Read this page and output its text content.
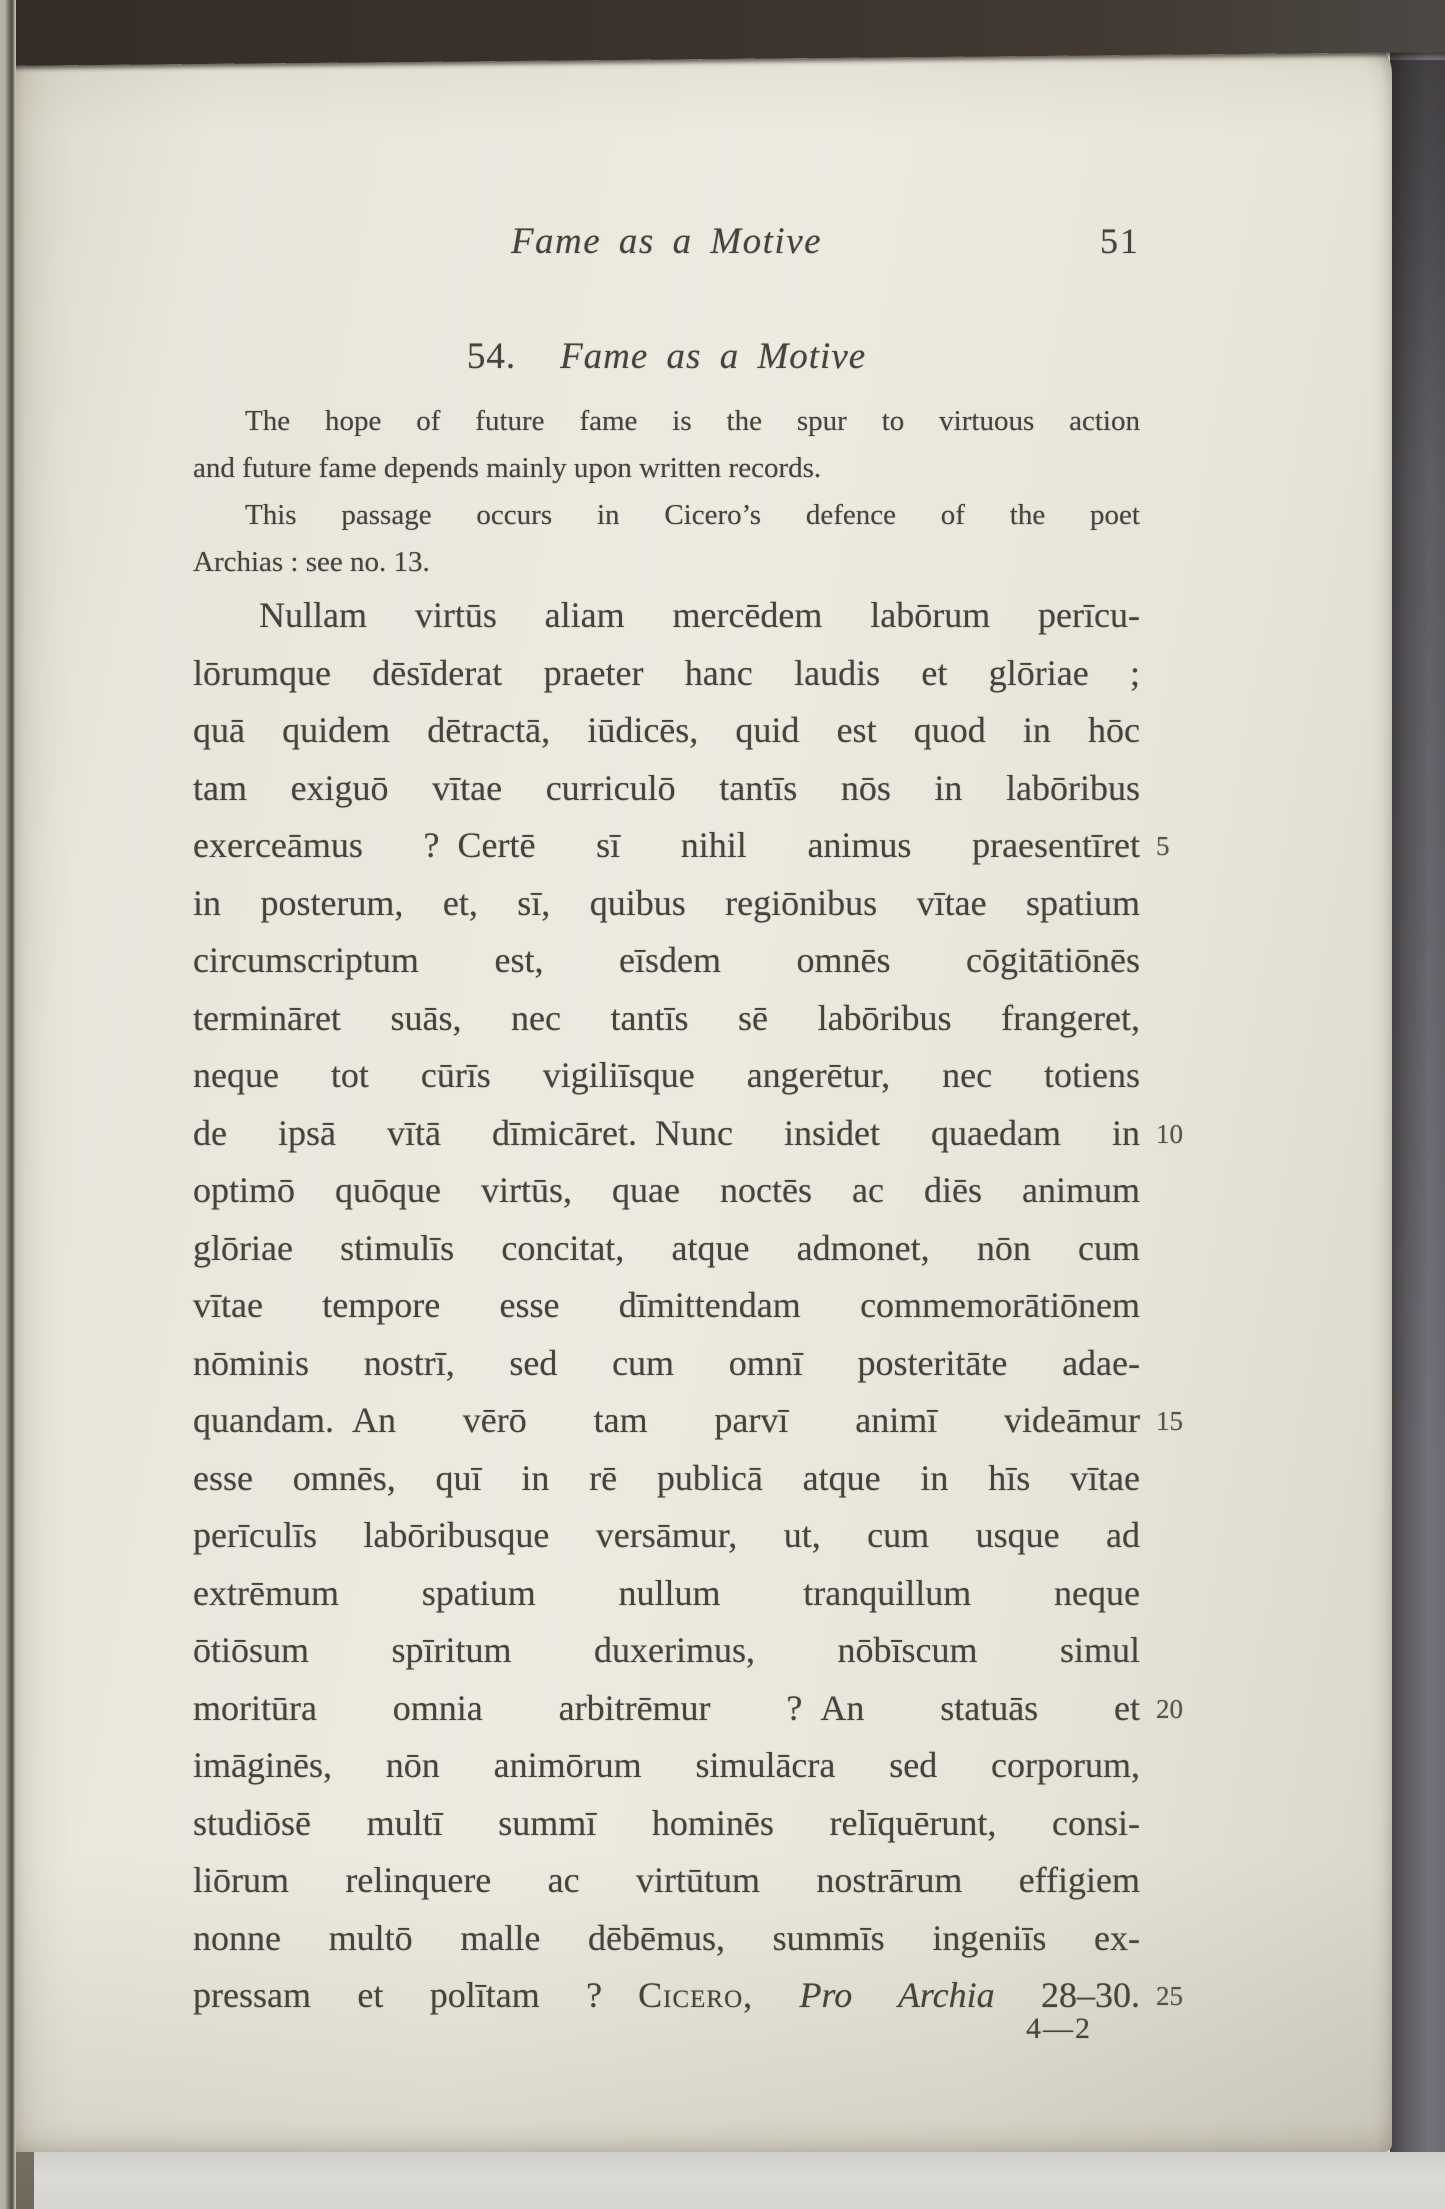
Fame as a Motive	51
54. Fame as a Motive
The hope of future fame is the spur to virtuous action
and future fame depends mainly upon written records.
This passage occurs in Cicero’s defence of the poet
Archias : see no. 13.
Nullam virtūs aliam mercēdem labōrum perīcu-
lōrumque dēsīderat praeter hanc laudis et glōriae ;
quā quidem dētractā, iūdicēs, quid est quod in hōc
tam exiguō vītae curriculō tantīs nōs in labōribus
exerceāmus ? Certē sī nihil animus praesentīret 5
in posterum, et, sī, quibus regiōnibus vītae spatium
circumscriptum est, eīsdem omnēs cōgitātiōnēs
termināret suās, nec tantīs sē labōribus frangeret,
neque tot cūrīs vigiliīsque angerētur, nec totiens
de ipsā vītā dīmicāret. Nunc insidet quaedam in 10
optimō quōque virtūs, quae noctēs ac diēs animum
glōriae stimulīs concitat, atque admonet, nōn cum
vītae tempore esse dīmittendam commemorātiōnem
nōminis nostrī, sed cum omnī posteritāte adae-
quandam. An vērō tam parvī animī videāmur 15
esse omnēs, quī in rē publicā atque in hīs vītae
perīculīs labōribusque versāmur, ut, cum usque ad
extrēmum spatium nullum tranquillum neque
ōtiōsum spīritum duxerimus, nōbīscum simul
moritūra omnia arbitrēmur ? An statuās et 20
imāginēs, nōn animōrum simulācra sed corporum,
studiōsē multī summī hominēs relīquērunt, consi-
liōrum relinquere ac virtūtum nostrārum effigiem
nonne multō malle dēbēmus, summīs ingeniīs ex-
pressam et polītam ? Cicero, Pro Archia 28–30. 25
4—2
